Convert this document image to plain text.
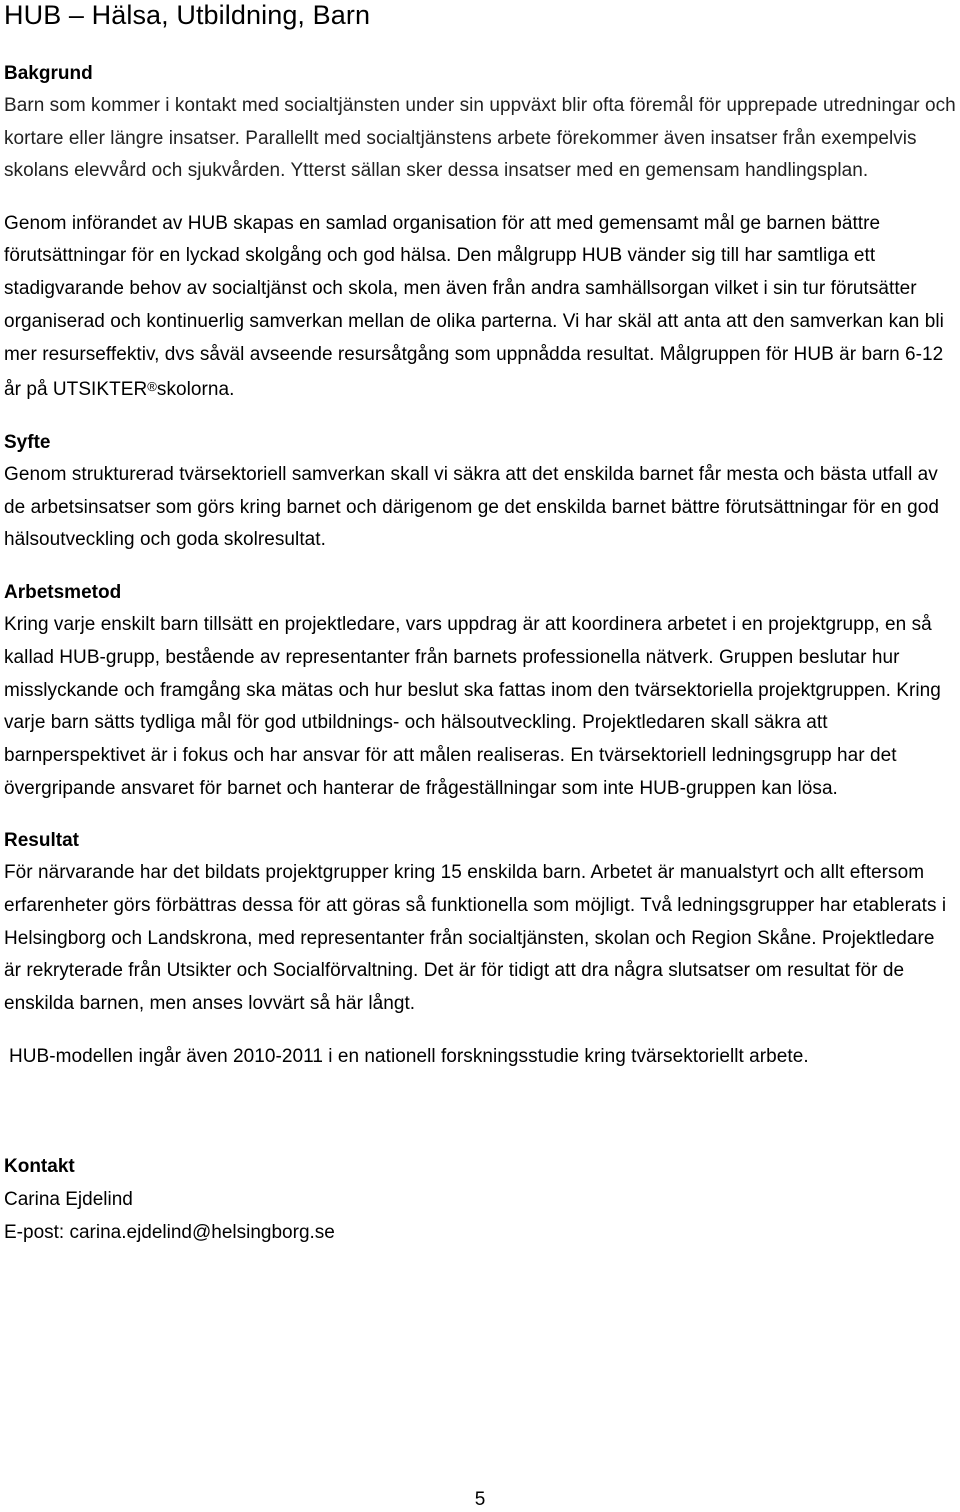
HUB – Hälsa, Utbildning, Barn
Bakgrund

Barn som kommer i kontakt med socialtjänsten under sin uppväxt blir ofta föremål för upprepade utredningar och kortare eller längre insatser. Parallellt med socialtjänstens arbete förekommer även insatser från exempelvis skolans elevvård och sjukvården. Ytterst sällan sker dessa insatser med en gemensam handlingsplan.

Genom införandet av HUB skapas en samlad organisation för att med gemensamt mål ge barnen bättre förutsättningar för en lyckad skolgång och god hälsa. Den målgrupp HUB vänder sig till har samtliga ett stadigvarande behov av socialtjänst och skola, men även från andra samhällsorgan vilket i sin tur förutsätter organiserad och kontinuerlig samverkan mellan de olika parterna. Vi har skäl att anta att den samverkan kan bli mer resurseffektiv, dvs såväl avseende resursåtgång som uppnådda resultat. Målgruppen för HUB är barn 6-12 år på UTSIKTER®skolorna.

Syfte

Genom strukturerad tvärsektoriell samverkan skall vi säkra att det enskilda barnet får mesta och bästa utfall av de arbetsinsatser som görs kring barnet och därigenom ge det enskilda barnet bättre förutsättningar för en god hälsoutveckling och goda skolresultat.

Arbetsmetod

Kring varje enskilt barn tillsätt en projektledare, vars uppdrag är att koordinera arbetet i en projektgrupp, en så kallad HUB-grupp, bestående av representanter från barnets professionella nätverk. Gruppen beslutar hur misslyckande och framgång ska mätas och hur beslut ska fattas inom den tvärsektoriella projektgruppen. Kring varje barn sätts tydliga mål för god utbildnings- och hälsoutveckling. Projektledaren skall säkra att barnperspektivet är i fokus och har ansvar för att målen realiseras. En tvärsektoriell ledningsgrupp har det övergripande ansvaret för barnet och hanterar de frågeställningar som inte HUB-gruppen kan lösa.

Resultat

För närvarande har det bildats projektgrupper kring 15 enskilda barn. Arbetet är manualstyrt och allt eftersom erfarenheter görs förbättras dessa för att göras så funktionella som möjligt. Två ledningsgrupper har etablerats i Helsingborg och Landskrona, med representanter från socialtjänsten, skolan och Region Skåne. Projektledare är rekryterade från Utsikter och Socialförvaltning. Det är för tidigt att dra några slutsatser om resultat för de enskilda barnen, men anses lovvärt så här långt.

HUB-modellen ingår även 2010-2011 i en nationell forskningsstudie kring tvärsektoriellt arbete.

Kontakt

Carina Ejdelind

E-post: carina.ejdelind@helsingborg.se

5
